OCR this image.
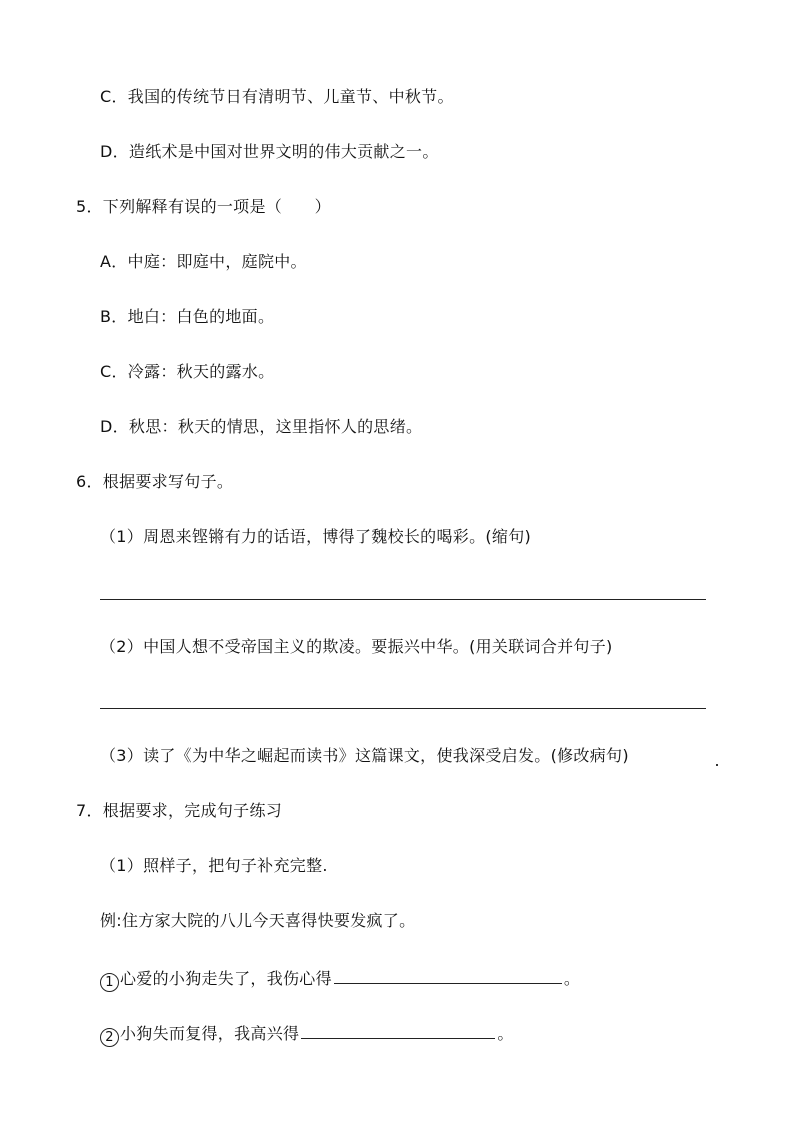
C．我国的传统节日有清明节、儿童节、中秋节。
D．造纸术是中国对世界文明的伟大贡献之一。
5．下列解释有误的一项是（　　）
A．中庭：即庭中，庭院中。
B．地白：白色的地面。
C．冷露：秋天的露水。
D．秋思：秋天的情思，这里指怀人的思绪。
6．根据要求写句子。
（1）周恩来铿锵有力的话语，博得了魏校长的喝彩。(缩句)
（2）中国人想不受帝国主义的欺凌。要振兴中华。(用关联词合并句子)
（3）读了《为中华之崛起而读书》这篇课文，使我深受启发。(修改病句)
7．根据要求，完成句子练习
（1）照样子，把句子补充完整.
例:住方家大院的八儿今天喜得快要发疯了。
1 心爱的小狗走失了，我伤心得	。
2 小狗失而复得，我高兴得	。
